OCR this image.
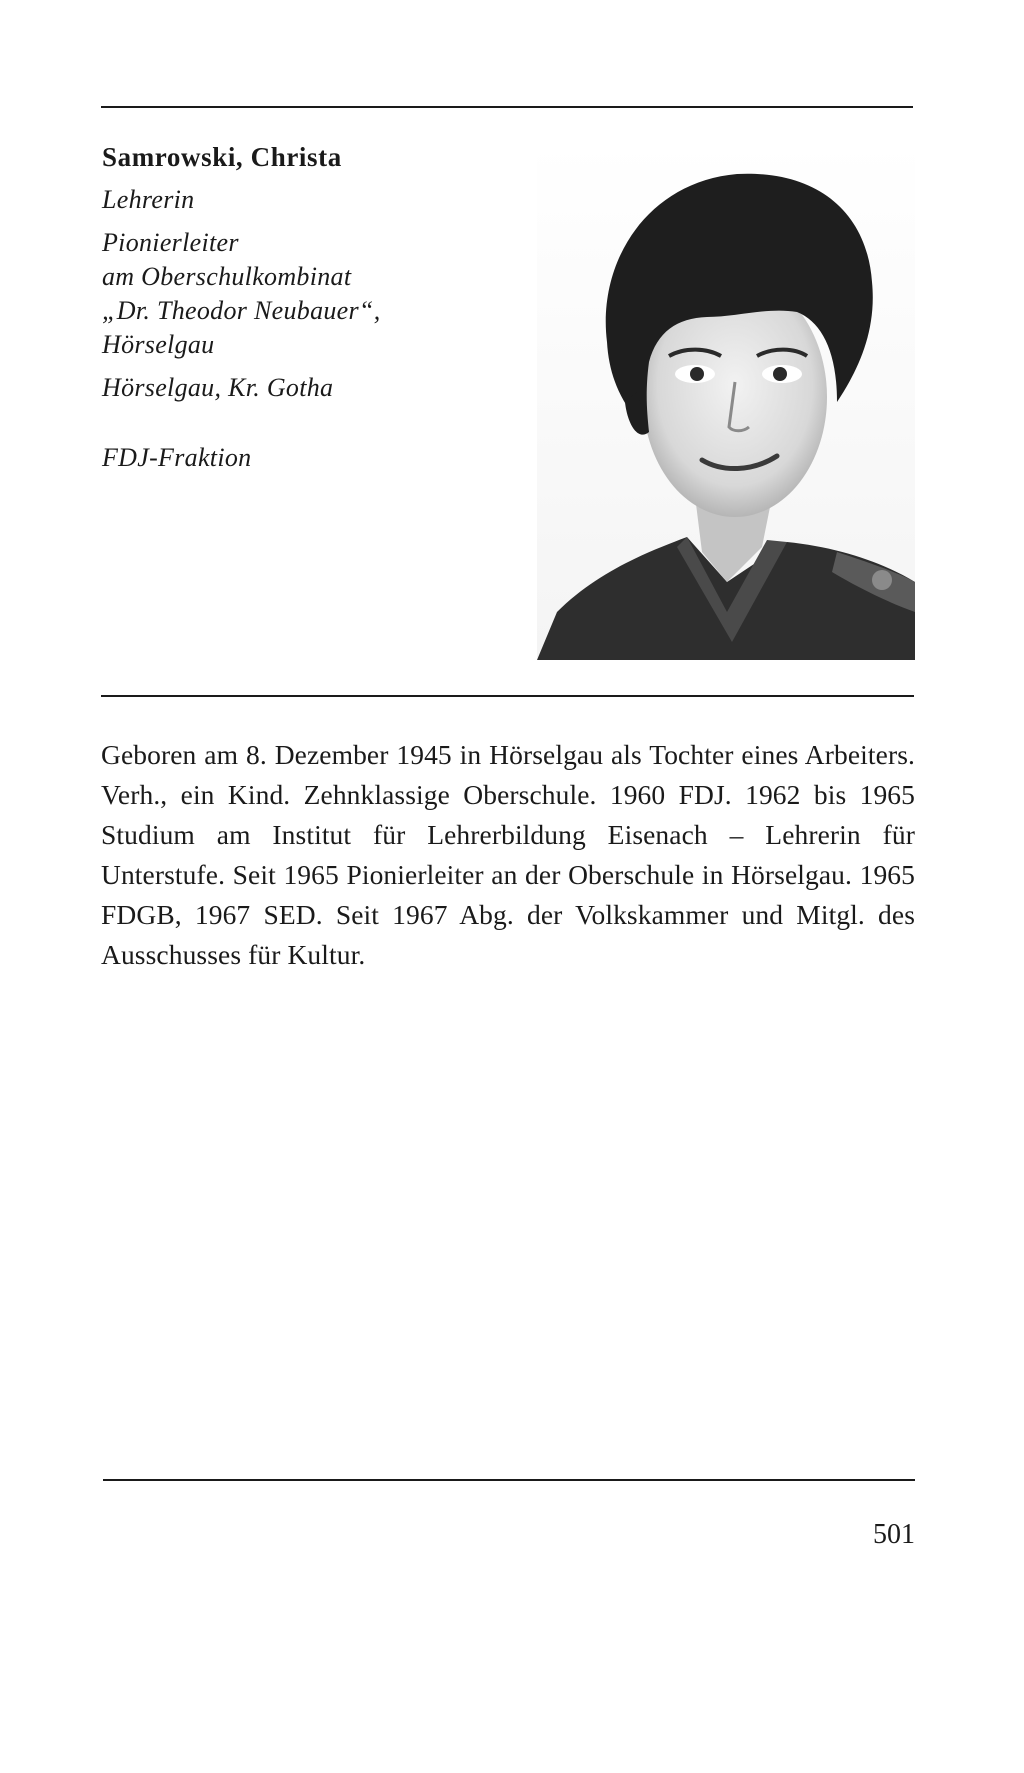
Samrowski, Christa

Lehrerin

Pionierleiter

am Oberschulkombinat

„Dr. Theodor Neubauer“,

Hörselgau

Hörselgau, Kr. Gotha

FDJ-Fraktion

Geboren am 8. Dezember 1945 in Hörselgau als Tochter eines Arbeiters. Verh., ein Kind. Zehnklassige Oberschule. 1960 FDJ. 1962 bis 1965 Studium am Institut für Lehrerbildung Eisenach – Lehrerin für Unterstufe. Seit 1965 Pionierleiter an der Oberschule in Hörselgau. 1965 FDGB, 1967 SED. Seit 1967 Abg. der Volkskammer und Mitgl. des Ausschusses für Kultur.

501
